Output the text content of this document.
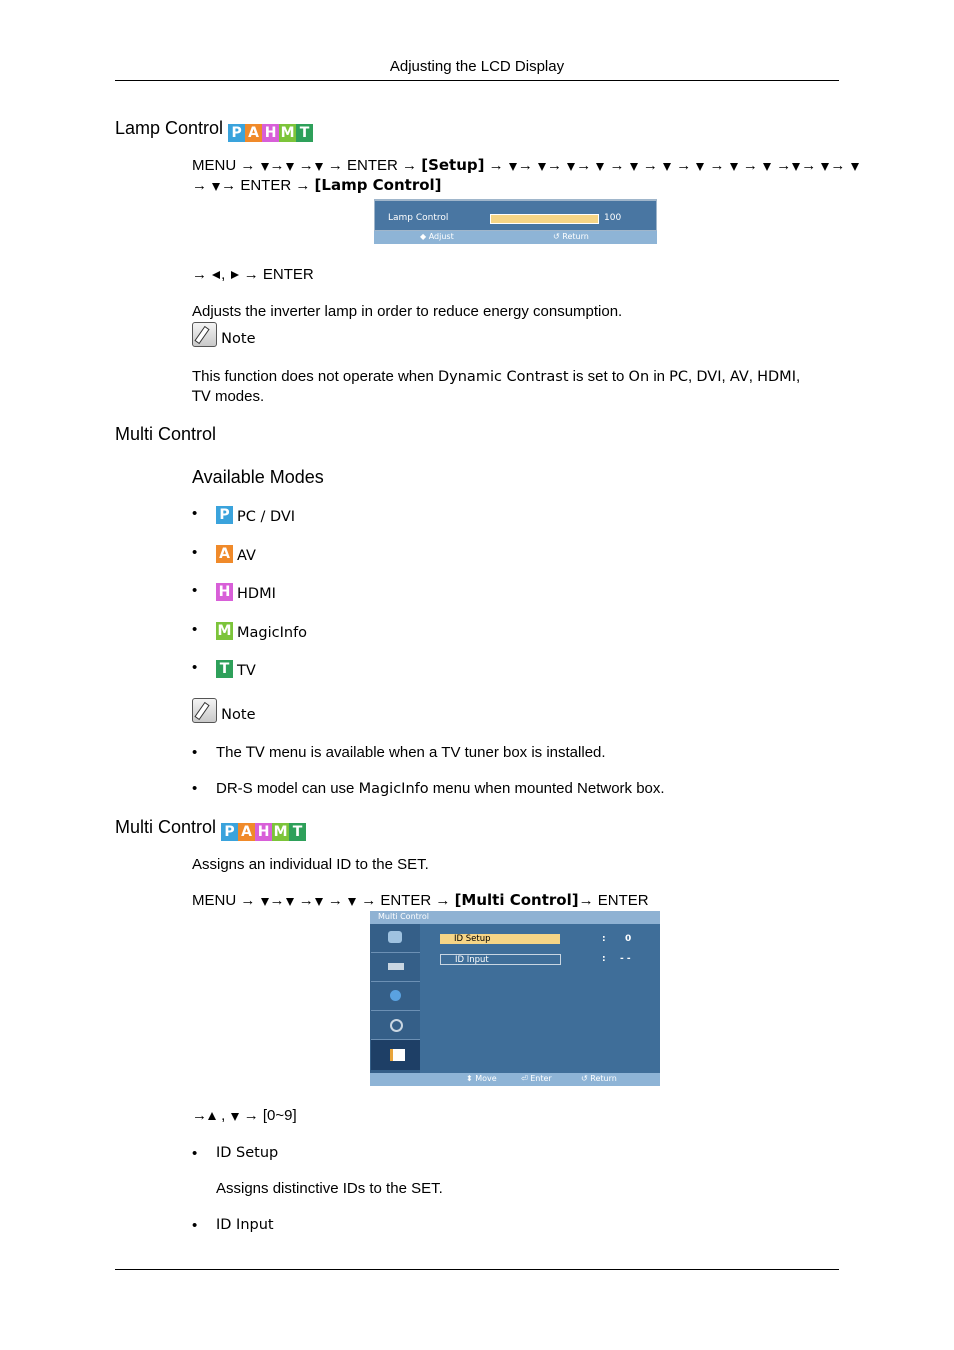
Adjusting the LCD Display
Lamp Control P A H M T
MENU → → → → ENTER → [Setup] → → → →  →  →  →  →  →  → → →
→ → ENTER → [Lamp Control]
Lamp Control	100
◆ Adjust	↺ Return
→ ,  → ENTER
Adjusts the inverter lamp in order to reduce energy consumption.
Note
This function does not operate when Dynamic Contrast is set to On in PC, DVI, AV, HDMI,
TV modes.
Multi Control
Available Modes
• P PC / DVI
• A AV
• H HDMI
• M MagicInfo
• T TV
Note
• The TV menu is available when a TV tuner box is installed.
• DR-S model can use MagicInfo menu when mounted Network box.
Multi Control P A H M T
Assigns an individual ID to the SET.
MENU → → → → → ENTER → [Multi Control]→ ENTER
Multi Control
ID Setup	: 0
ID Input	: - -
⬍ Move	⏎ Enter	↺ Return
→ , → [0~9]
• ID Setup
Assigns distinctive IDs to the SET.
• ID Input
